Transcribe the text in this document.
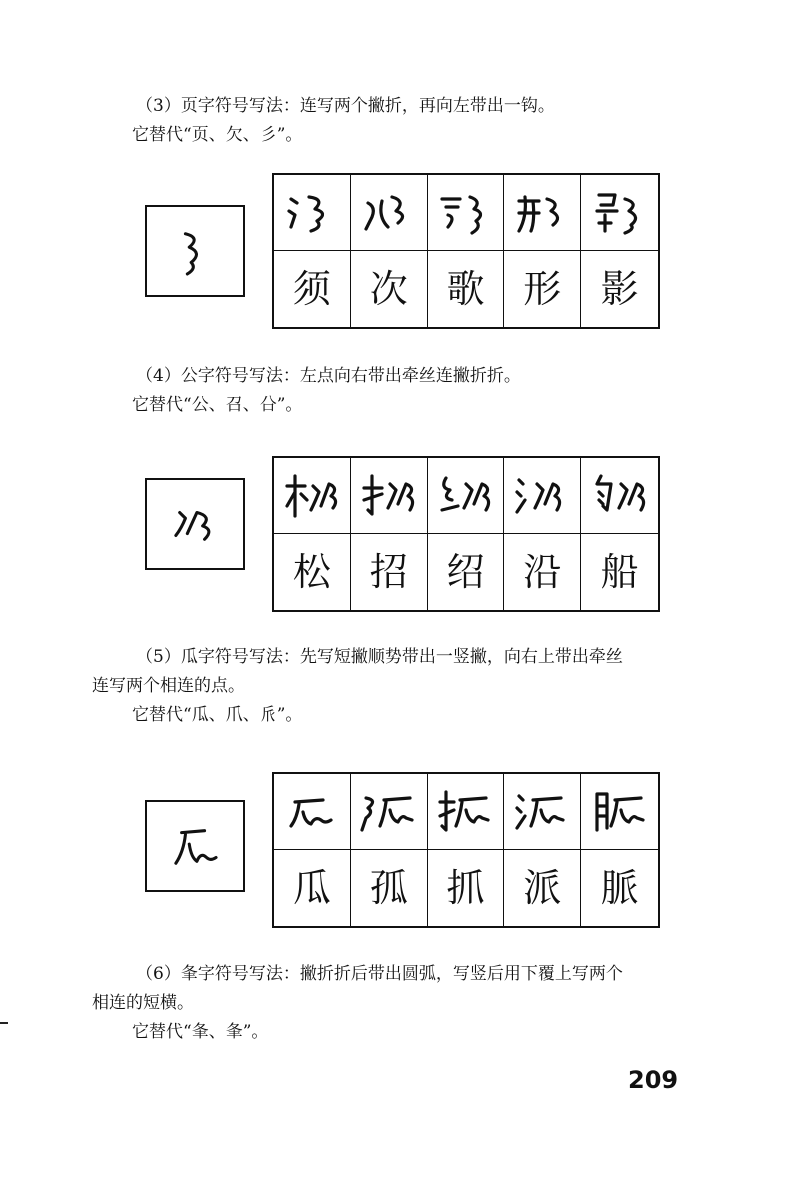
（3）页字符号写法：连写两个撇折，再向左带出一钩。
它替代“页、欠、彡”。

须 次 歌 形 影

（4）公字符号写法：左点向右带出牵丝连撇折折。
它替代“公、召、㕣”。

松 招 绍 沿 船

（5）瓜字符号写法：先写短撇顺势带出一竖撇，向右上带出牵丝
连写两个相连的点。
它替代“瓜、爪、𠂢”。

瓜 孤 抓 派 脈

（6）夆字符号写法：撇折折后带出圆弧，写竖后用下覆上写两个
相连的短横。
它替代“夆、夆”。

209
